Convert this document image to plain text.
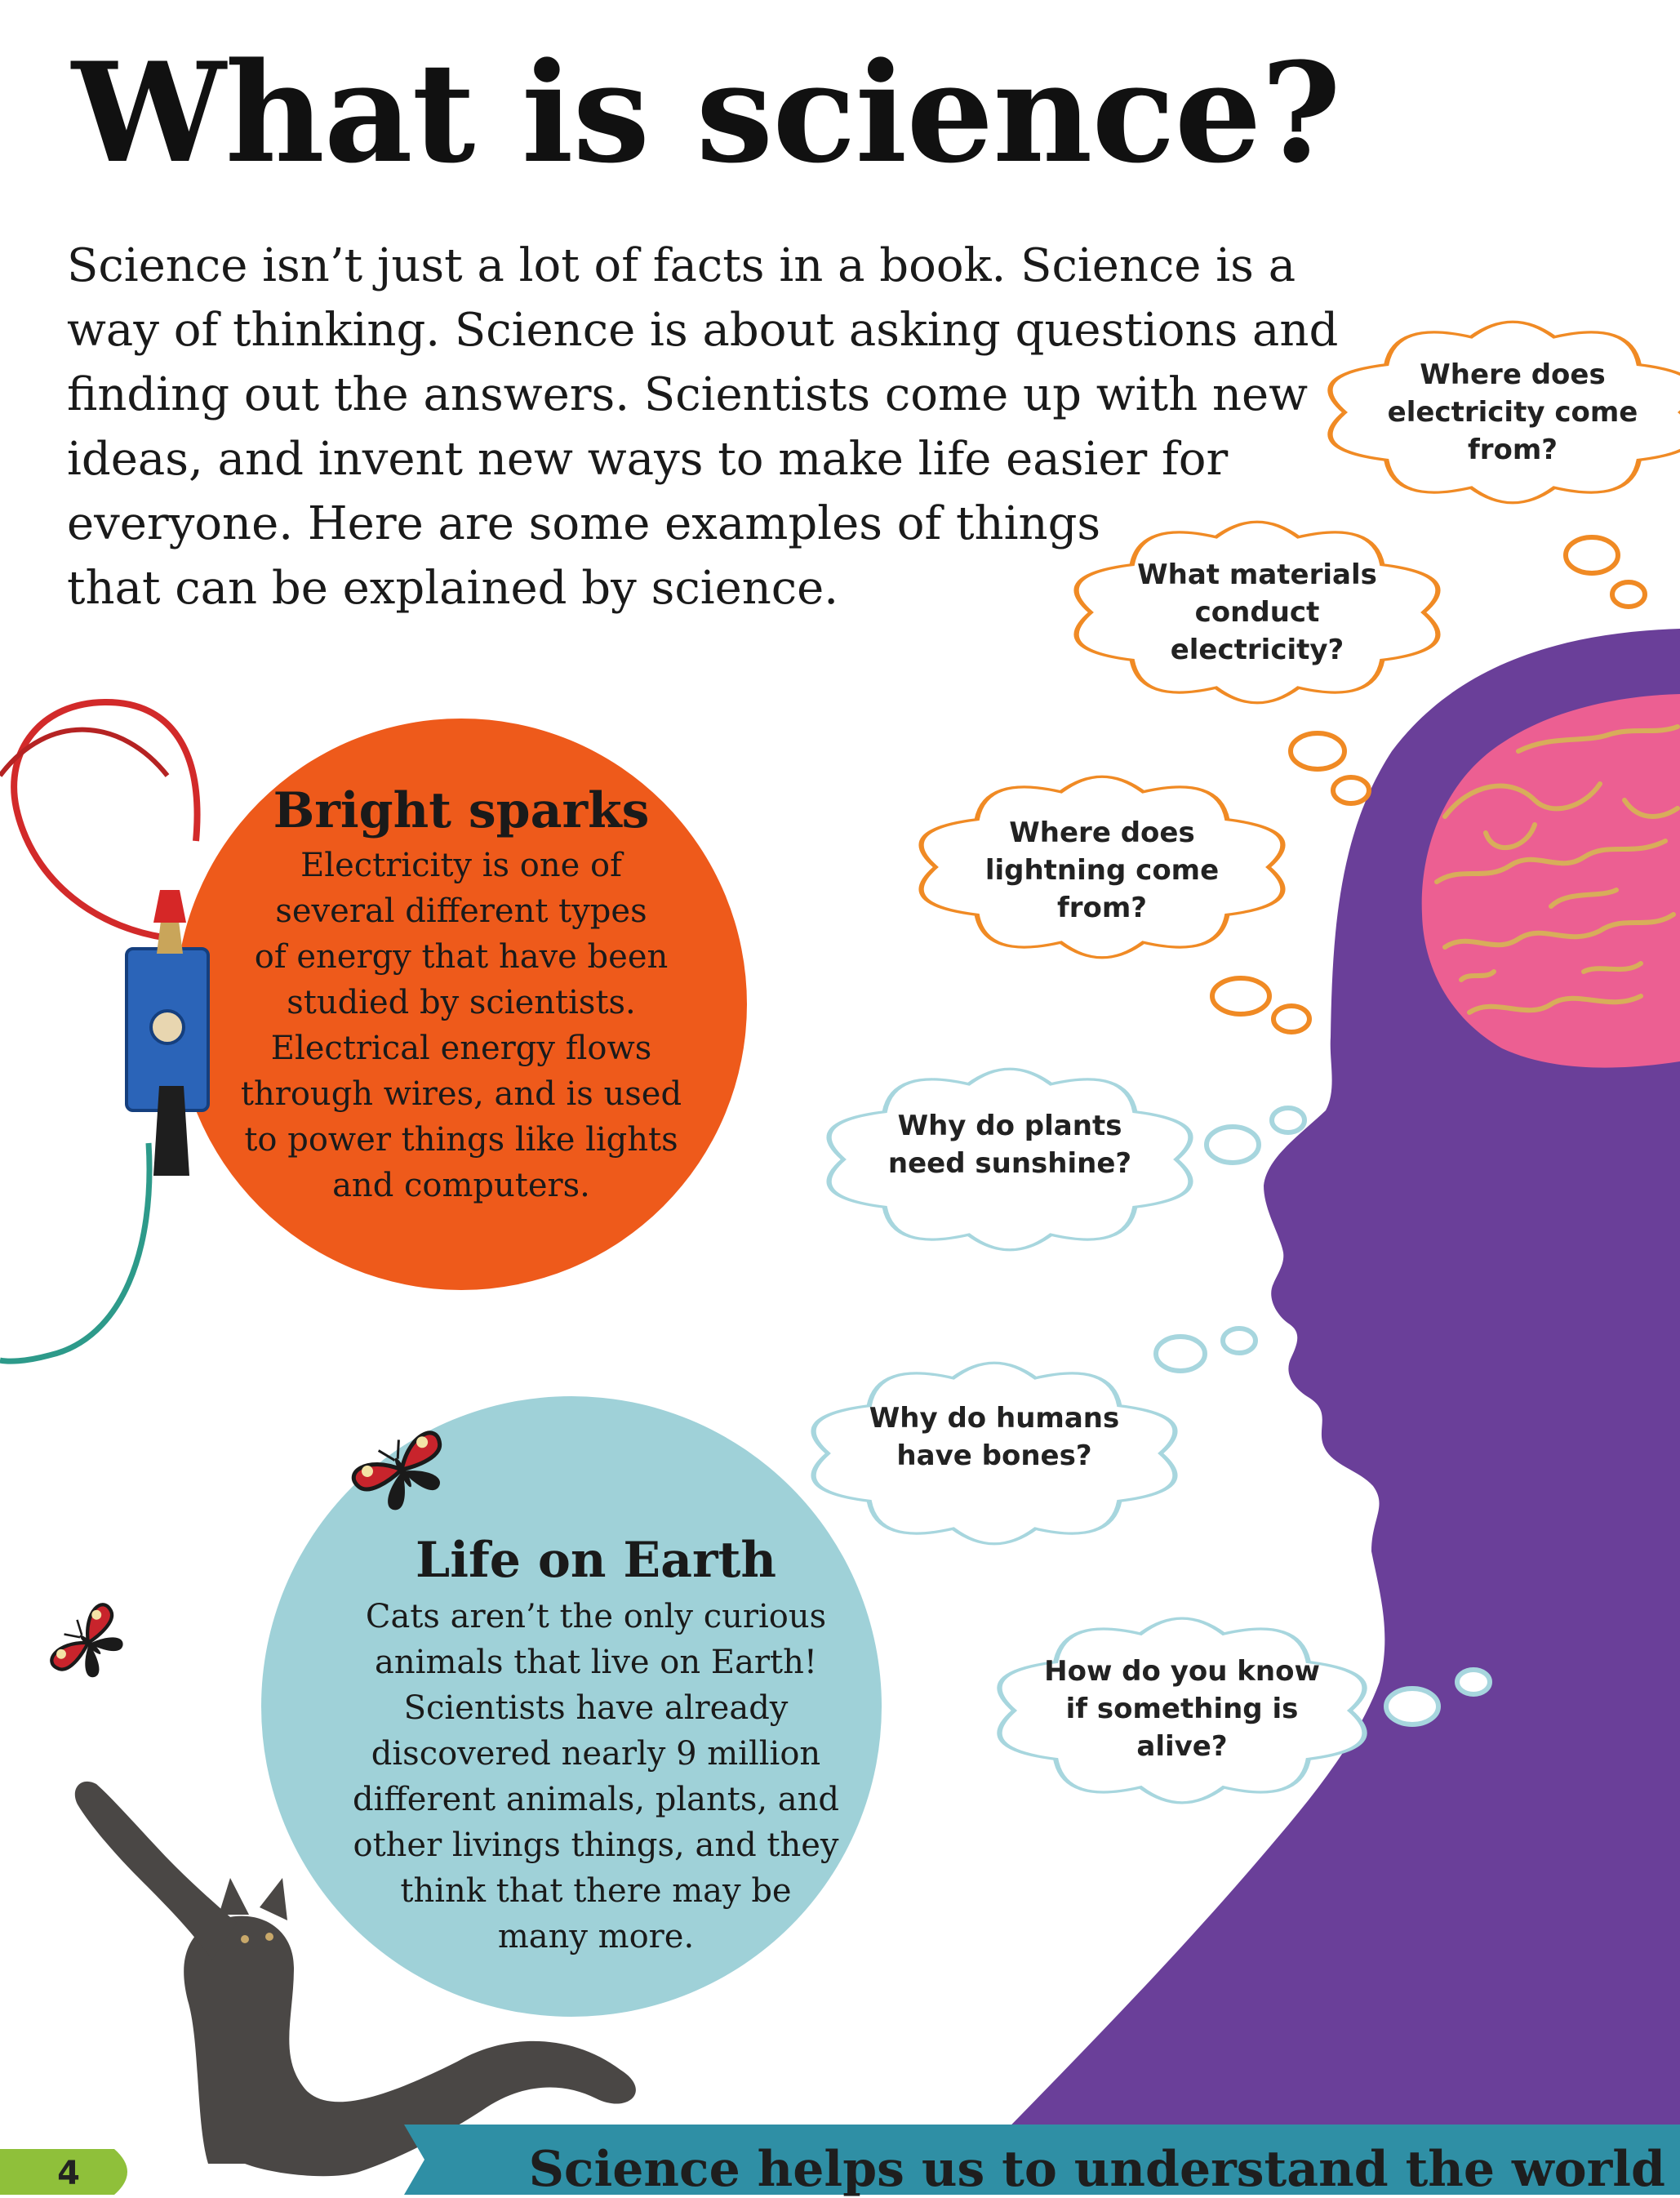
What is science?

Science isn’t just a lot of facts in a book. Science is a
way of thinking. Science is about asking questions and
finding out the answers. Scientists come up with new
ideas, and invent new ways to make life easier for
everyone. Here are some examples of things
that can be explained by science.

Where does
electricity come
from?
What materials
conduct
electricity?
Where does
lightning come
from?
Why do plants
need sunshine?
Why do humans
have bones?
How do you know
if something is
alive?
Bright sparks

Electricity is one of
several different types
of energy that have been
studied by scientists.
Electrical energy flows
through wires, and is used
to power things like lights
and computers.

Life on Earth

Cats aren’t the only curious
animals that live on Earth!
Scientists have already
discovered nearly 9 million
different animals, plants, and
other livings things, and they
think that there may be
many more.

4	Science helps us to understand the world
